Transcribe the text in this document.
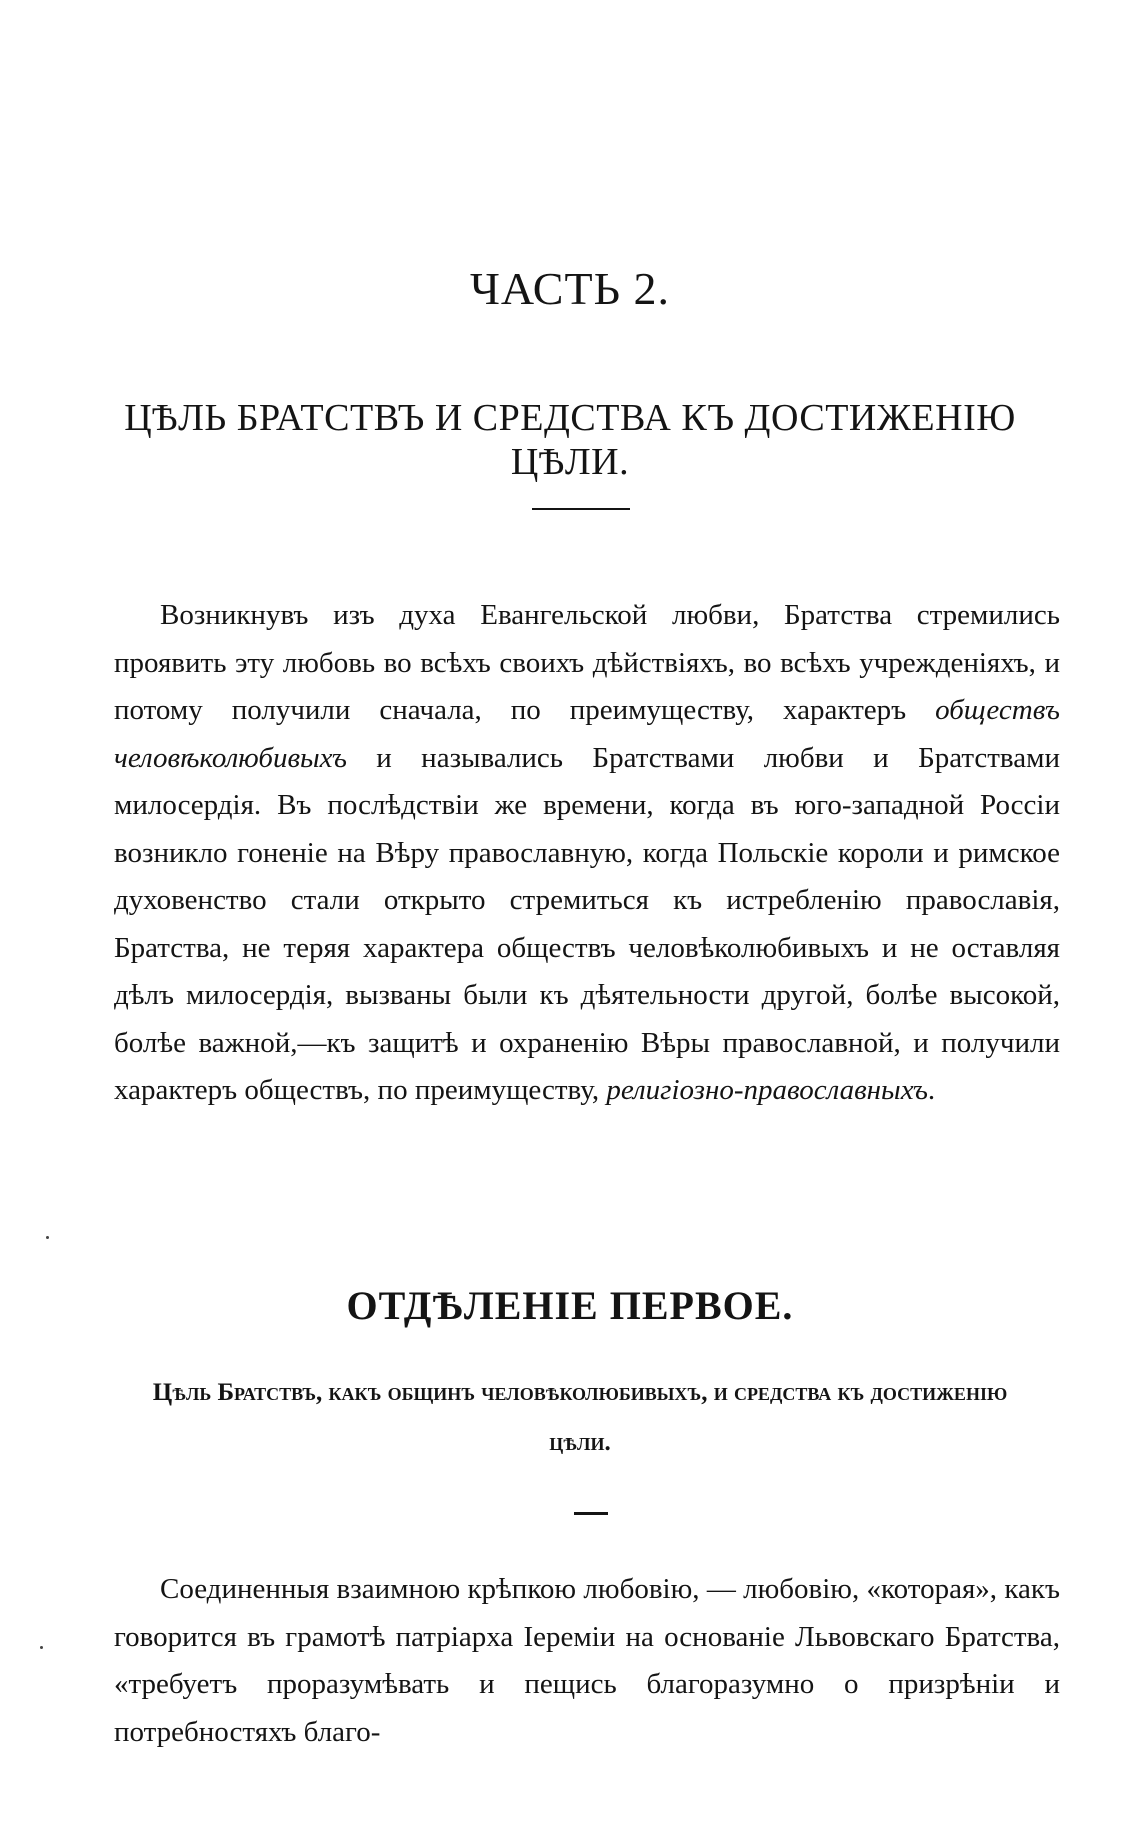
ЧАСТЬ 2.
ЦѢЛЬ БРАТСТВЪ И СРЕДСТВА КЪ ДОСТИЖЕНІЮ ЦѢЛИ.
Возникнувъ изъ духа Евангельской любви, Братства стремились проявить эту любовь во всѣхъ своихъ дѣйствіяхъ, во всѣхъ учрежденіяхъ, и потому получили сначала, по преимуществу, характеръ обществъ человѣколюбивыхъ и назывались Братствами любви и Братствами милосердія. Въ послѣдствіи же времени, когда въ юго-западной Россіи возникло гоненіе на Вѣру православную, когда Польскіе короли и римское духовенство стали открыто стремиться къ истребленію православія, Братства, не теряя характера обществъ человѣколюбивыхъ и не оставляя дѣлъ милосердія, вызваны были къ дѣятельности другой, болѣе высокой, болѣе важной,—къ защитѣ и охраненію Вѣры православной, и получили характеръ обществъ, по преимуществу, религіозно-православныхъ.
ОТДѢЛЕНІЕ ПЕРВОЕ.
Цѣль Братствъ, какъ общинъ человѣколюбивыхъ, и средства къ достиженію цѣли.
Соединенныя взаимною крѣпкою любовію, — любовію, «которая», какъ говорится въ грамотѣ патріарха Іереміи на основаніе Львовскаго Братства, «требуетъ проразумѣвать и пещись благоразумно о призрѣніи и потребностяхъ благо-
